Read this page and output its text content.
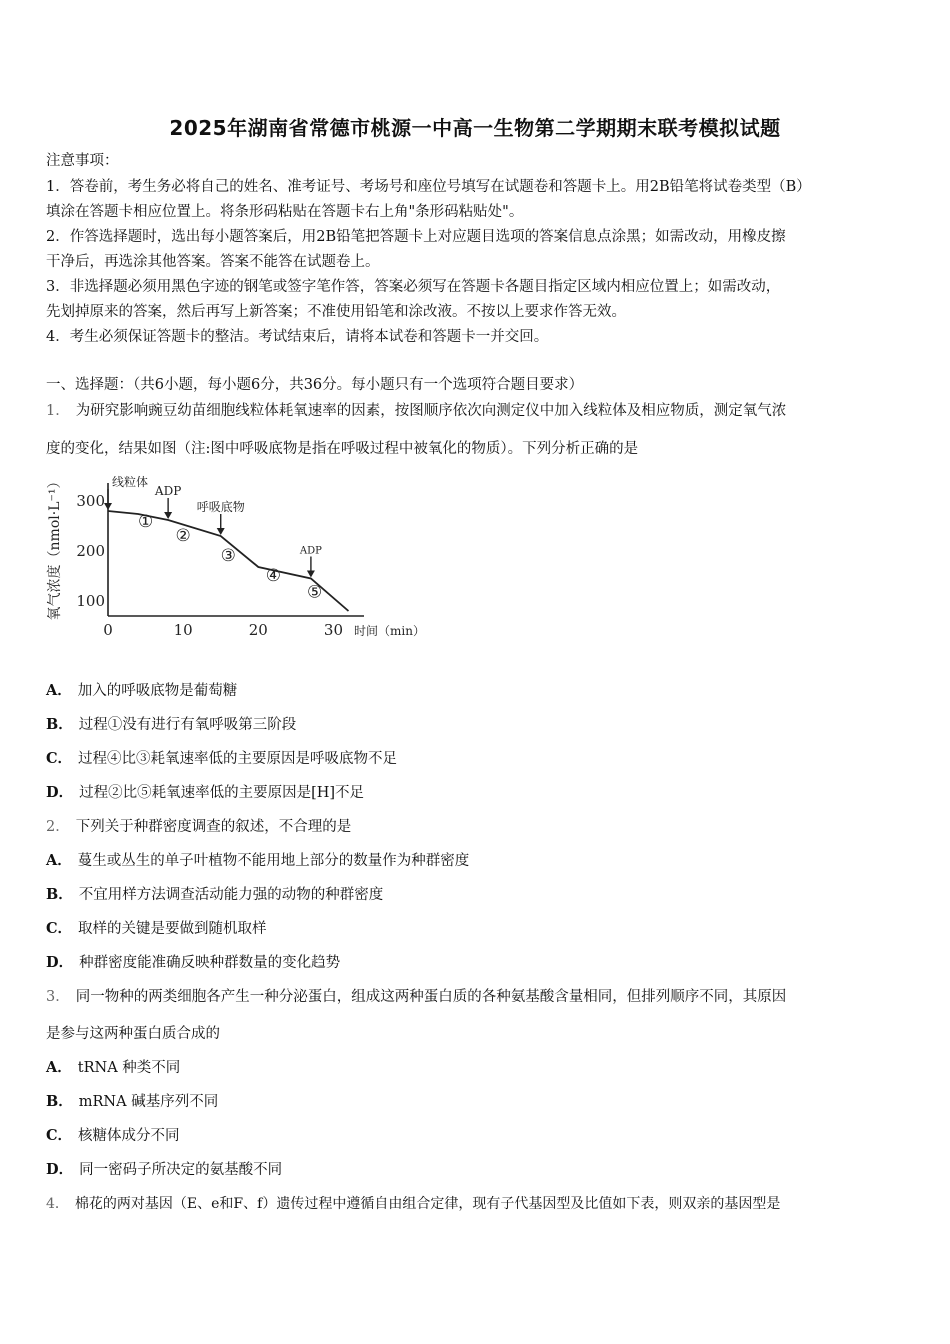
2025年湖南省常德市桃源一中高一生物第二学期期末联考模拟试题
注意事项：
1．答卷前，考生务必将自己的姓名、准考证号、考场号和座位号填写在试题卷和答题卡上。用2B铅笔将试卷类型（B）
填涂在答题卡相应位置上。将条形码粘贴在答题卡右上角"条形码粘贴处"。
2．作答选择题时，选出每小题答案后，用2B铅笔把答题卡上对应题目选项的答案信息点涂黑；如需改动，用橡皮擦
干净后，再选涂其他答案。答案不能答在试题卷上。
3．非选择题必须用黑色字迹的钢笔或签字笔作答，答案必须写在答题卡各题目指定区域内相应位置上；如需改动，
先划掉原来的答案，然后再写上新答案；不准使用铅笔和涂改液。不按以上要求作答无效。
4．考生必须保证答题卡的整洁。考试结束后，请将本试卷和答题卡一并交回。
一、选择题：（共6小题，每小题6分，共36分。每小题只有一个选项符合题目要求）
1． 为研究影响豌豆幼苗细胞线粒体耗氧速率的因素，按图顺序依次向测定仪中加入线粒体及相应物质，测定氧气浓
度的变化，结果如图（注:图中呼吸底物是指在呼吸过程中被氧化的物质）。下列分析正确的是
100
200
300
0	10	20	30 时间（min）
氧气浓度（nmol·L⁻¹）	线粒体
ADP
呼吸底物
ADP
①
②
③
④
⑤
A． 加入的呼吸底物是葡萄糖
B． 过程①没有进行有氧呼吸第三阶段
C． 过程④比③耗氧速率低的主要原因是呼吸底物不足
D． 过程②比⑤耗氧速率低的主要原因是[H]不足
2． 下列关于种群密度调查的叙述，不合理的是
A． 蔓生或丛生的单子叶植物不能用地上部分的数量作为种群密度
B． 不宜用样方法调查活动能力强的动物的种群密度
C． 取样的关键是要做到随机取样
D． 种群密度能准确反映种群数量的变化趋势
3． 同一物种的两类细胞各产生一种分泌蛋白，组成这两种蛋白质的各种氨基酸含量相同，但排列顺序不同，其原因
是参与这两种蛋白质合成的
A． tRNA 种类不同
B． mRNA 碱基序列不同
C． 核糖体成分不同
D． 同一密码子所决定的氨基酸不同
4． 棉花的两对基因（E、e和F、f）遗传过程中遵循自由组合定律，现有子代基因型及比值如下表，则双亲的基因型是
